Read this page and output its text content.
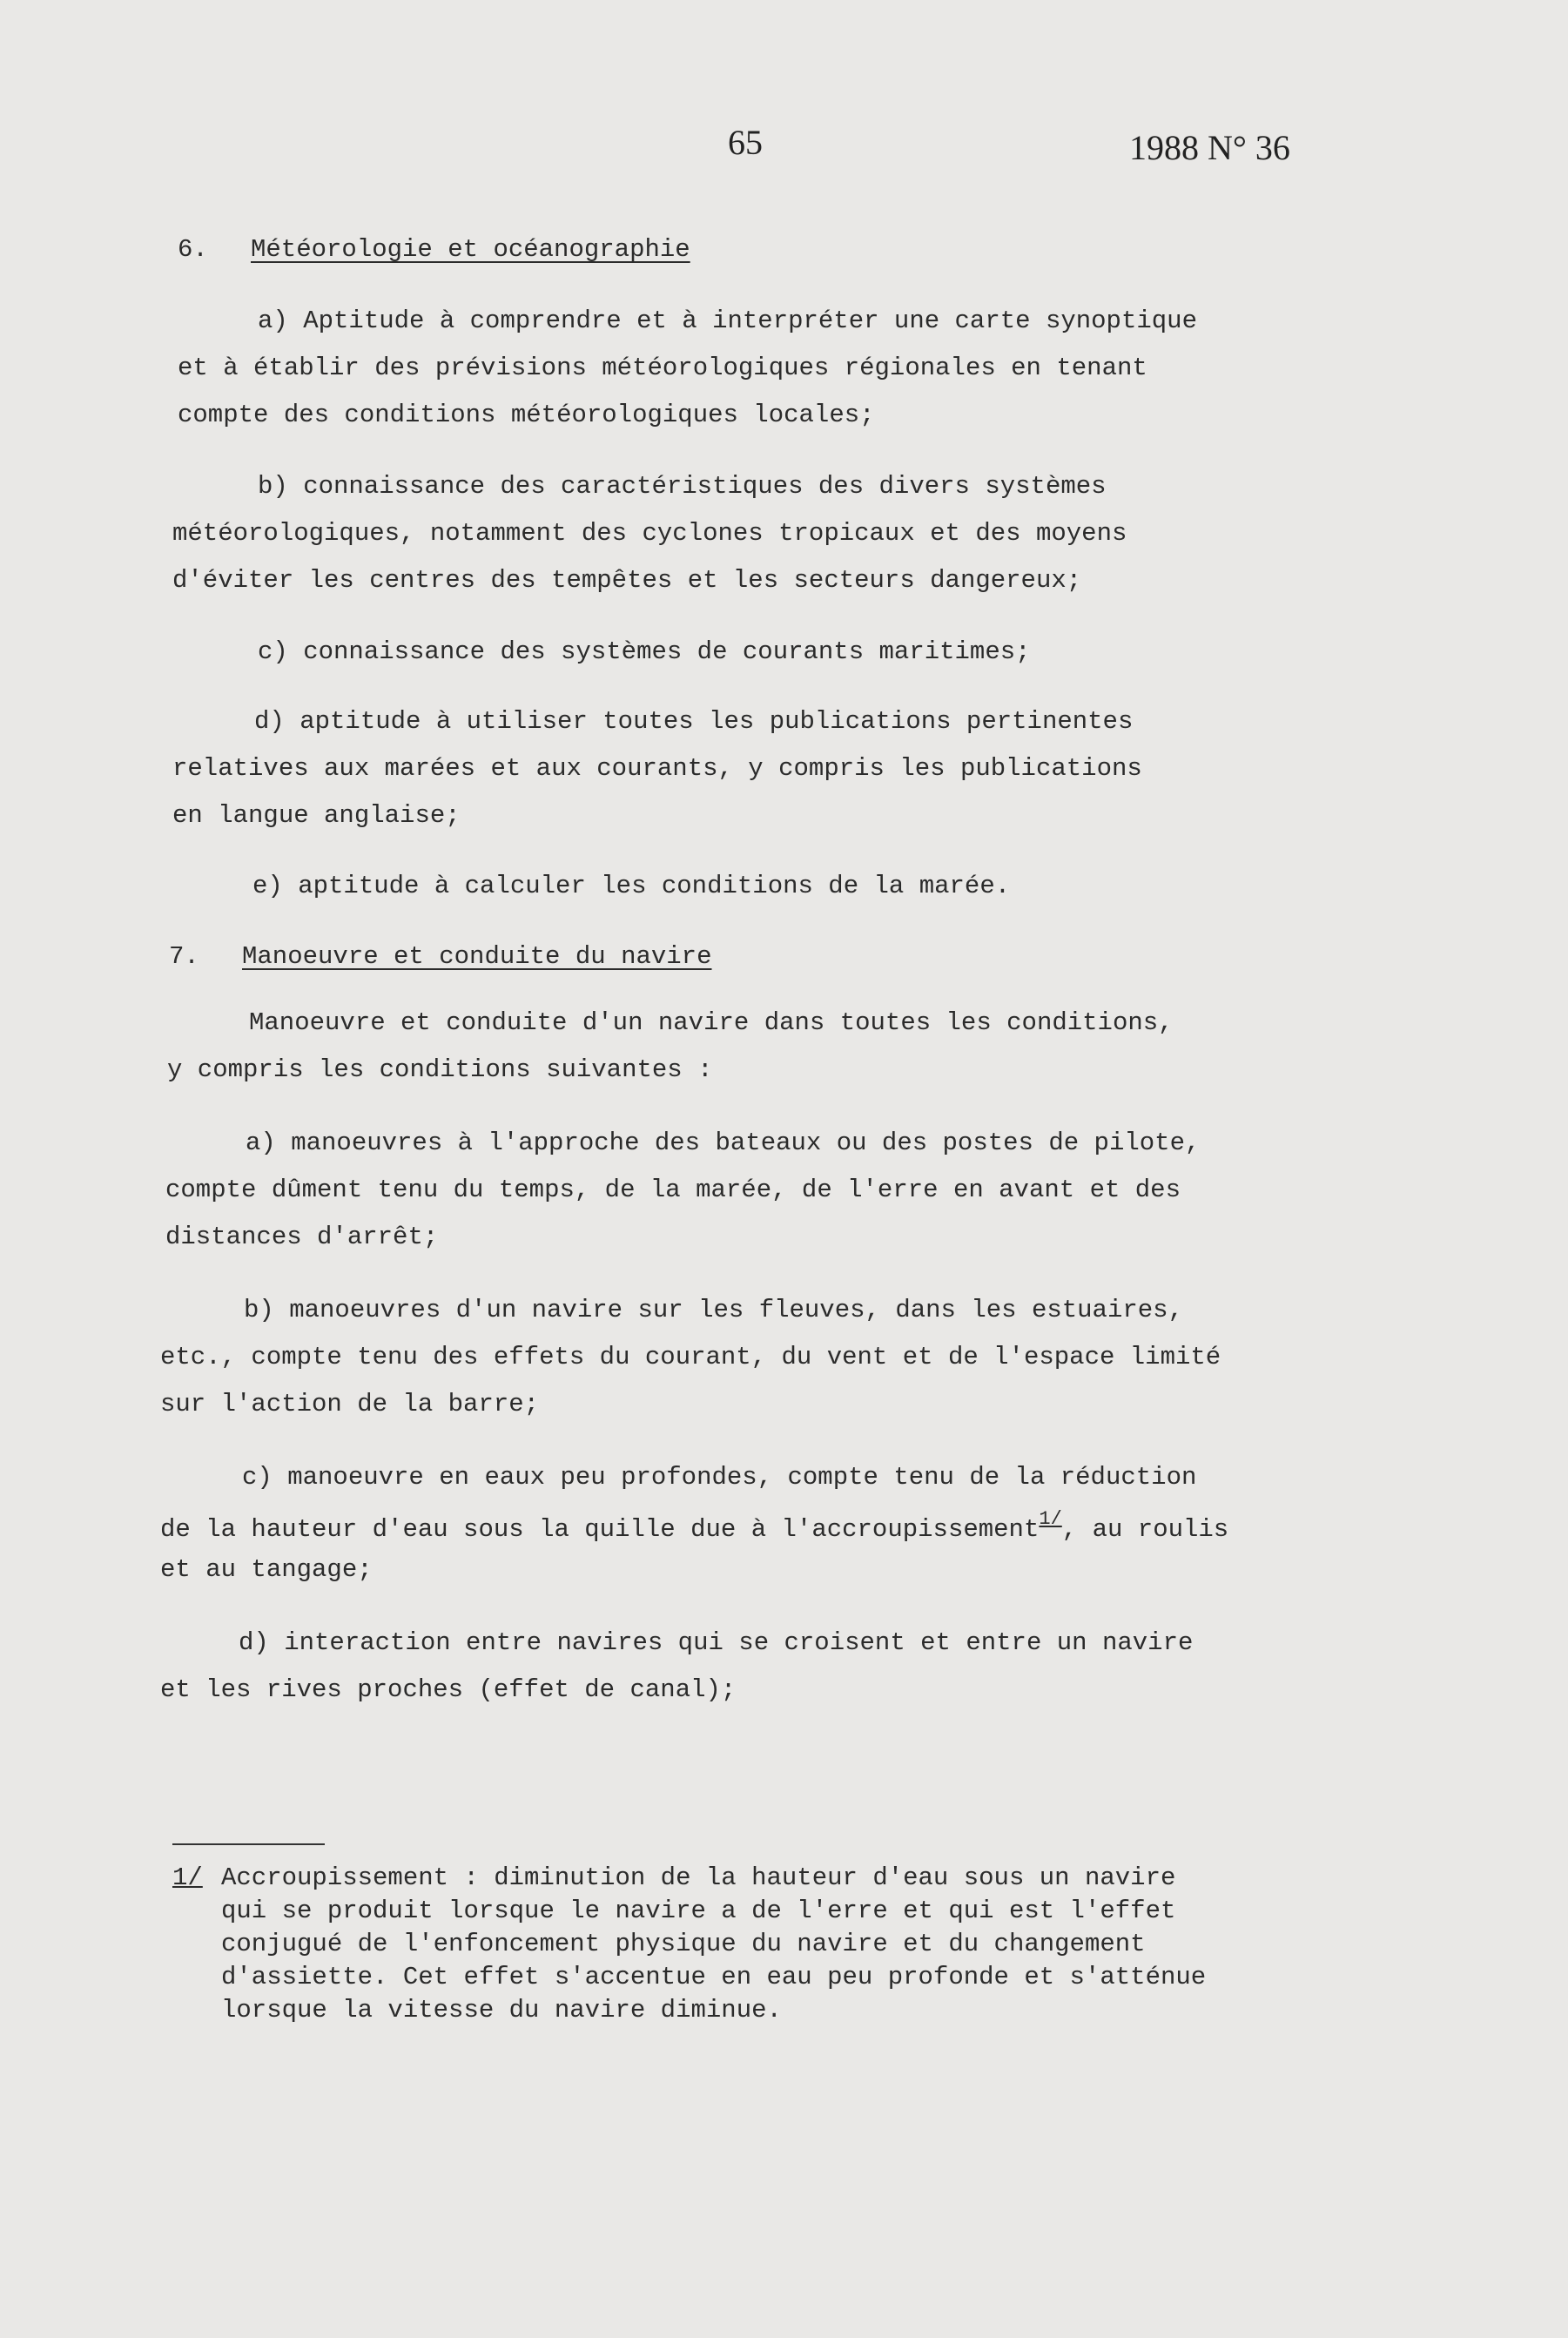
65	1988 N° 36
6. Météorologie et océanographie
a) Aptitude à comprendre et à interpréter une carte synoptique
et à établir des prévisions météorologiques régionales en tenant
compte des conditions météorologiques locales;
b) connaissance des caractéristiques des divers systèmes
météorologiques, notamment des cyclones tropicaux et des moyens
d'éviter les centres des tempêtes et les secteurs dangereux;
c) connaissance des systèmes de courants maritimes;
d) aptitude à utiliser toutes les publications pertinentes
relatives aux marées et aux courants, y compris les publications
en langue anglaise;
e) aptitude à calculer les conditions de la marée.
7. Manoeuvre et conduite du navire
Manoeuvre et conduite d'un navire dans toutes les conditions,
y compris les conditions suivantes :
a) manoeuvres à l'approche des bateaux ou des postes de pilote,
compte dûment tenu du temps, de la marée, de l'erre en avant et des
distances d'arrêt;
b) manoeuvres d'un navire sur les fleuves, dans les estuaires,
etc., compte tenu des effets du courant, du vent et de l'espace limité
sur l'action de la barre;
c) manoeuvre en eaux peu profondes, compte tenu de la réduction
de la hauteur d'eau sous la quille due à l'accroupissement$^{1/}$, au roulis
et au tangage;
d) interaction entre navires qui se croisent et entre un navire
et les rives proches (effet de canal);
1/ Accroupissement : diminution de la hauteur d'eau sous un navire
qui se produit lorsque le navire a de l'erre et qui est l'effet
conjugué de l'enfoncement physique du navire et du changement
d'assiette. Cet effet s'accentue en eau peu profonde et s'atténue
lorsque la vitesse du navire diminue.
